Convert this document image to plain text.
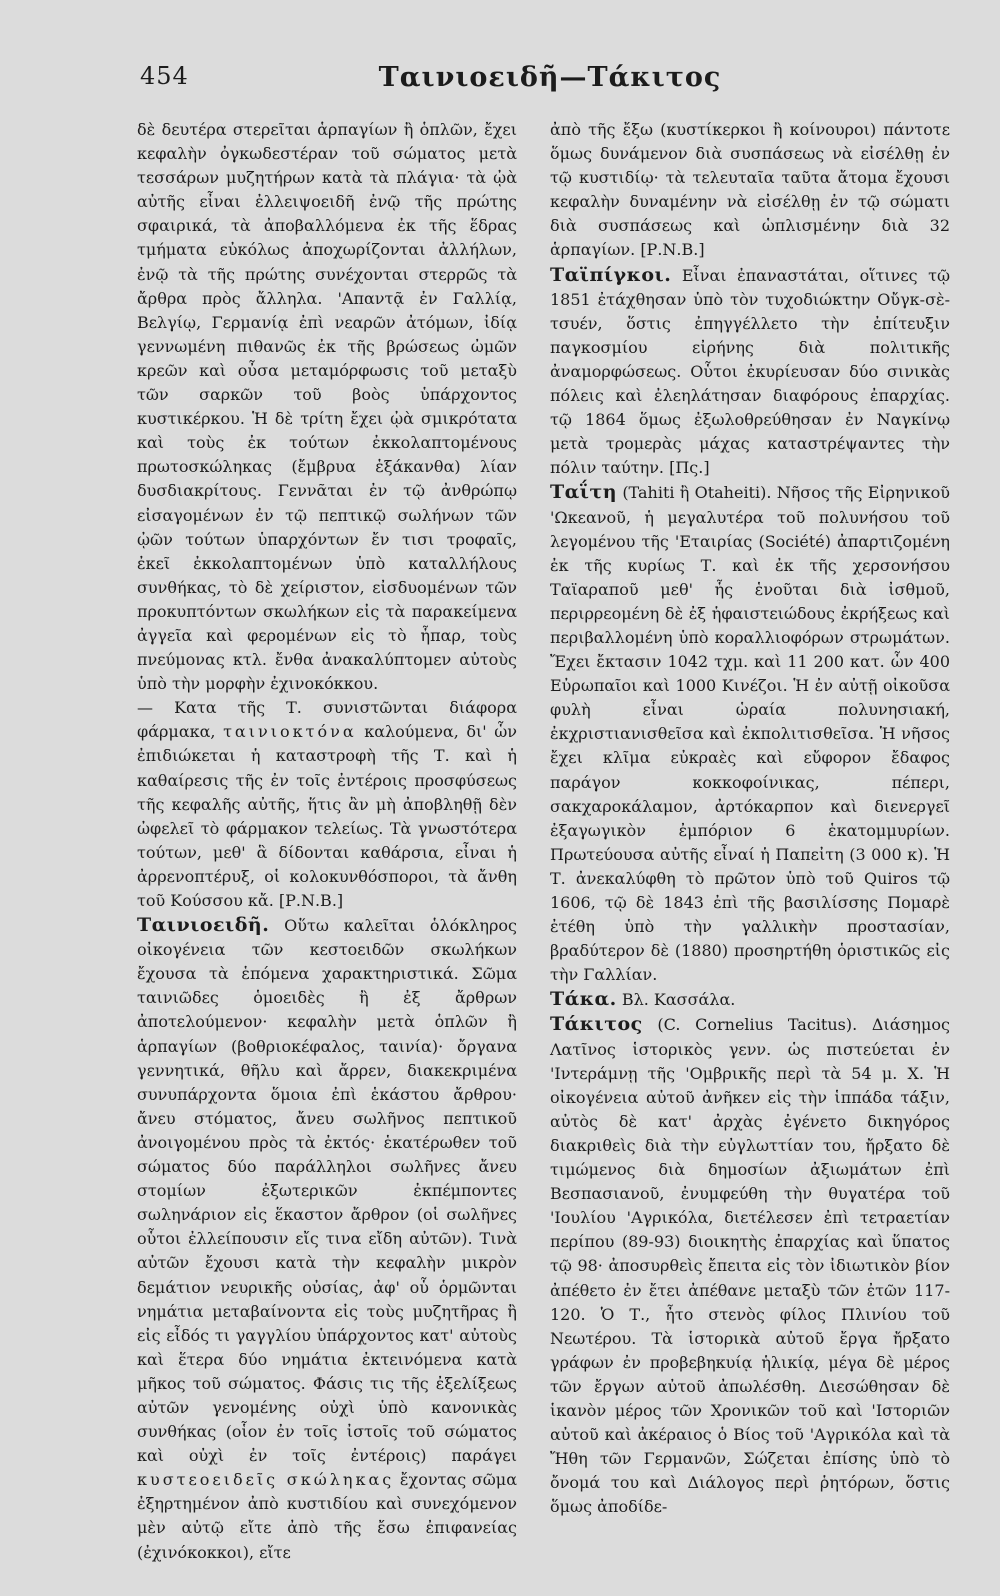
454	Ταινιοειδῆ—Τάκιτος

δὲ δευτέρα στερεῖται ἁρπαγίων ἢ ὁπλῶν, ἔχει κεφαλὴν ὀγκωδεστέραν τοῦ σώματος μετὰ τεσσάρων μυζητήρων κατὰ τὰ πλάγια· τὰ ᾠὰ αὐτῆς εἶναι ἐλλειψοειδῆ ἐνῷ τῆς πρώτης σφαιρικά, τὰ ἀποβαλλόμενα ἐκ τῆς ἕδρας τμήματα εὐκόλως ἀποχωρίζονται ἀλλήλων, ἐνῷ τὰ τῆς πρώτης συνέχονται στερρῶς τὰ ἄρθρα πρὸς ἄλληλα. 'Απαντᾷ ἐν Γαλλίᾳ, Βελγίῳ, Γερμανίᾳ ἐπὶ νεαρῶν ἀτόμων, ἰδίᾳ γεννωμένη πιθανῶς ἐκ τῆς βρώσεως ὠμῶν κρεῶν καὶ οὖσα μεταμόρφωσις τοῦ μεταξὺ τῶν σαρκῶν τοῦ βοὸς ὑπάρχοντος κυστικέρκου. Ἡ δὲ τρίτη ἔχει ᾠὰ σμικρότατα καὶ τοὺς ἐκ τούτων ἐκκολαπτομένους πρωτοσκώληκας (ἔμβρυα ἑξάκανθα) λίαν δυσδιακρίτους. Γεννᾶται ἐν τῷ ἀνθρώπῳ εἰσαγομένων ἐν τῷ πεπτικῷ σωλήνων τῶν ᾠῶν τούτων ὑπαρχόντων ἔν τισι τροφαῖς, ἐκεῖ ἐκκολαπτομένων ὑπὸ καταλλήλους συνθήκας, τὸ δὲ χείριστον, εἰσδυομένων τῶν προκυπτόντων σκωλήκων εἰς τὰ παρακείμενα ἀγγεῖα καὶ φερομένων εἰς τὸ ἧπαρ, τοὺς πνεύμονας κτλ. ἔνθα ἀνακαλύπτομεν αὐτοὺς ὑπὸ τὴν μορφὴν ἐχινοκόκκου.

— Κατα τῆς Τ. συνιστῶνται διάφορα φάρμακα, ταινιοκτόνα καλούμενα, δι' ὧν ἐπιδιώκεται ἡ καταστροφὴ τῆς Τ. καὶ ἡ καθαίρεσις τῆς ἐν τοῖς ἐντέροις προσφύσεως τῆς κεφαλῆς αὐτῆς, ἥτις ἂν μὴ ἀποβληθῇ δὲν ὠφελεῖ τὸ φάρμακον τελείως. Τὰ γνωστότερα τούτων, μεθ' ἃ δίδονται καθάρσια, εἶναι ἡ ἀρρενοπτέρυξ, οἱ κολοκυνθόσποροι, τὰ ἄνθη τοῦ Κούσσου κἄ. [Ρ.Ν.Β.]

Ταινιοειδῆ. Οὕτω καλεῖται ὁλόκληρος οἰκογένεια τῶν κεστοειδῶν σκωλήκων ἔχουσα τὰ ἑπόμενα χαρακτηριστικά. Σῶμα ταινιῶδες ὁμοειδὲς ἢ ἐξ ἄρθρων ἀποτελούμενον· κεφαλὴν μετὰ ὁπλῶν ἢ ἁρπαγίων (βοθριοκέφαλος, ταινία)· ὄργανα γεννητικά, θῆλυ καὶ ἄρρεν, διακεκριμένα συνυπάρχοντα ὅμοια ἐπὶ ἑκάστου ἄρθρου· ἄνευ στόματος, ἄνευ σωλῆνος πεπτικοῦ ἀνοιγομένου πρὸς τὰ ἐκτός· ἑκατέρωθεν τοῦ σώματος δύο παράλληλοι σωλῆνες ἄνευ στομίων ἐξωτερικῶν ἐκπέμποντες σωληνάριον εἰς ἕκαστον ἄρθρον (οἱ σωλῆνες οὗτοι ἐλλείπουσιν εἴς τινα εἴδη αὐτῶν). Τινὰ αὐτῶν ἔχουσι κατὰ τὴν κεφαλὴν μικρὸν δεμάτιον νευρικῆς οὐσίας, ἀφ' οὗ ὁρμῶνται νημάτια μεταβαίνοντα εἰς τοὺς μυζητῆρας ἢ εἰς εἶδός τι γαγγλίου ὑπάρχοντος κατ' αὐτοὺς καὶ ἕτερα δύο νημάτια ἐκτεινόμενα κατὰ μῆκος τοῦ σώματος. Φάσις τις τῆς ἐξελίξεως αὐτῶν γενομένης οὐχὶ ὑπὸ κανονικὰς συνθήκας (οἷον ἐν τοῖς ἰστοῖς τοῦ σώματος καὶ οὐχὶ ἐν τοῖς ἐντέροις) παράγει κυστεοειδεῖς σκώληκας ἔχοντας σῶμα ἐξηρτημένον ἀπὸ κυστιδίου καὶ συνεχόμενον μὲν αὐτῷ εἴτε ἀπὸ τῆς ἔσω ἐπιφανείας (ἐχινόκοκκοι), εἴτε

ἀπὸ τῆς ἔξω (κυστίκερκοι ἢ κοίνουροι) πάντοτε ὅμως δυνάμενον διὰ συσπάσεως νὰ εἰσέλθῃ ἐν τῷ κυστιδίῳ· τὰ τελευταῖα ταῦτα ἄτομα ἔχουσι κεφαλὴν δυναμένην νὰ εἰσέλθῃ ἐν τῷ σώματι διὰ συσπάσεως καὶ ὡπλισμένην διὰ 32 ἁρπαγίων. [Ρ.Ν.Β.]

Ταϊπίγκοι. Εἶναι ἐπαναστάται, οἵτινες τῷ 1851 ἐτάχθησαν ὑπὸ τὸν τυχοδιώκτην Οὔγκ-σὲ-τσυέν, ὅστις ἐπηγγέλλετο τὴν ἐπίτευξιν παγκοσμίου εἰρήνης διὰ πολιτικῆς ἀναμορφώσεως. Οὗτοι ἐκυρίευσαν δύο σινικὰς πόλεις καὶ ἐλεηλάτησαν διαφόρους ἐπαρχίας. τῷ 1864 ὅμως ἐξωλοθρεύθησαν ἐν Ναγκίνῳ μετὰ τρομερὰς μάχας καταστρέψαντες τὴν πόλιν ταύτην. [Πς.]

Ταΐτη (Tahiti ἢ Otaheiti). Νῆσος τῆς Εἰρηνικοῦ 'Ωκεανοῦ, ἡ μεγαλυτέρα τοῦ πολυνήσου τοῦ λεγομένου τῆς 'Εταιρίας (Société) ἀπαρτιζομένη ἐκ τῆς κυρίως Τ. καὶ ἐκ τῆς χερσονήσου Ταϊαραποῦ μεθ' ἧς ἑνοῦται διὰ ἰσθμοῦ, περιρρεομένη δὲ ἐξ ἡφαιστειώδους ἐκρήξεως καὶ περιβαλλομένη ὑπὸ κοραλλιοφόρων στρωμάτων. Ἔχει ἔκτασιν 1042 τχμ. καὶ 11 200 κατ. ὧν 400 Εὐρωπαῖοι καὶ 1000 Κινέζοι. Ἡ ἐν αὐτῇ οἰκοῦσα φυλὴ εἶναι ὡραία πολυνησιακή, ἐκχριστιανισθεῖσα καὶ ἐκπολιτισθεῖσα. Ἡ νῆσος ἔχει κλῖμα εὐκραὲς καὶ εὔφορον ἔδαφος παράγον κοκκοφοίνικας, πέπερι, σακχαροκάλαμον, ἀρτόκαρπον καὶ διενεργεῖ ἐξαγωγικὸν ἐμπόριον 6 ἑκατομμυρίων. Πρωτεύουσα αὐτῆς εἶναί ἡ Παπεἰτη (3 000 κ). Ἡ Τ. ἀνεκαλύφθη τὸ πρῶτον ὑπὸ τοῦ Quiros τῷ 1606, τῷ δὲ 1843 ἐπὶ τῆς βασιλίσσης Πομαρὲ ἐτέθη ὑπὸ τὴν γαλλικὴν προστασίαν, βραδύτερον δὲ (1880) προσηρτήθη ὁριστικῶς εἰς τὴν Γαλλίαν.

Τάκα. Βλ. Κασσάλα.

Τάκιτος (C. Cornelius Tacitus). Διάσημος Λατῖνος ἱστορικὸς γενν. ὡς πιστεύεται ἐν 'Ιντεράμνῃ τῆς 'Ομβρικῆς περὶ τὰ 54 μ. Χ. Ἡ οἰκογένεια αὐτοῦ ἀνῆκεν εἰς τὴν ἱππάδα τάξιν, αὐτὸς δὲ κατ' ἀρχὰς ἐγένετο δικηγόρος διακριθεὶς διὰ τὴν εὐγλωττίαν του, ἤρξατο δὲ τιμώμενος διὰ δημοσίων ἀξιωμάτων ἐπὶ Βεσπασιανοῦ, ἐνυμφεύθη τὴν θυγατέρα τοῦ 'Ιουλίου 'Αγρικόλα, διετέλεσεν ἐπὶ τετραετίαν περίπου (89-93) διοικητὴς ἐπαρχίας καὶ ὕπατος τῷ 98· ἀποσυρθεὶς ἔπειτα εἰς τὸν ἰδιωτικὸν βίον ἀπέθετο ἐν ἔτει ἀπέθανε μεταξὺ τῶν ἐτῶν 117-120. Ὁ Τ., ἦτο στενὸς φίλος Πλινίου τοῦ Νεωτέρου. Τὰ ἱστορικὰ αὐτοῦ ἔργα ἤρξατο γράφων ἐν προβεβηκυίᾳ ἡλικίᾳ, μέγα δὲ μέρος τῶν ἔργων αὐτοῦ ἀπωλέσθη. Διεσώθησαν δὲ ἱκανὸν μέρος τῶν Χρονικῶν τοῦ καὶ 'Ιστοριῶν αὐτοῦ καὶ ἀκέραιος ὁ Βίος τοῦ 'Αγρικόλα καὶ τὰ Ἤθη τῶν Γερμανῶν, Σώζεται ἐπίσης ὑπὸ τὸ ὄνομά του καὶ Διάλογος περὶ ῥητόρων, ὅστις ὅμως ἀποδίδε-
